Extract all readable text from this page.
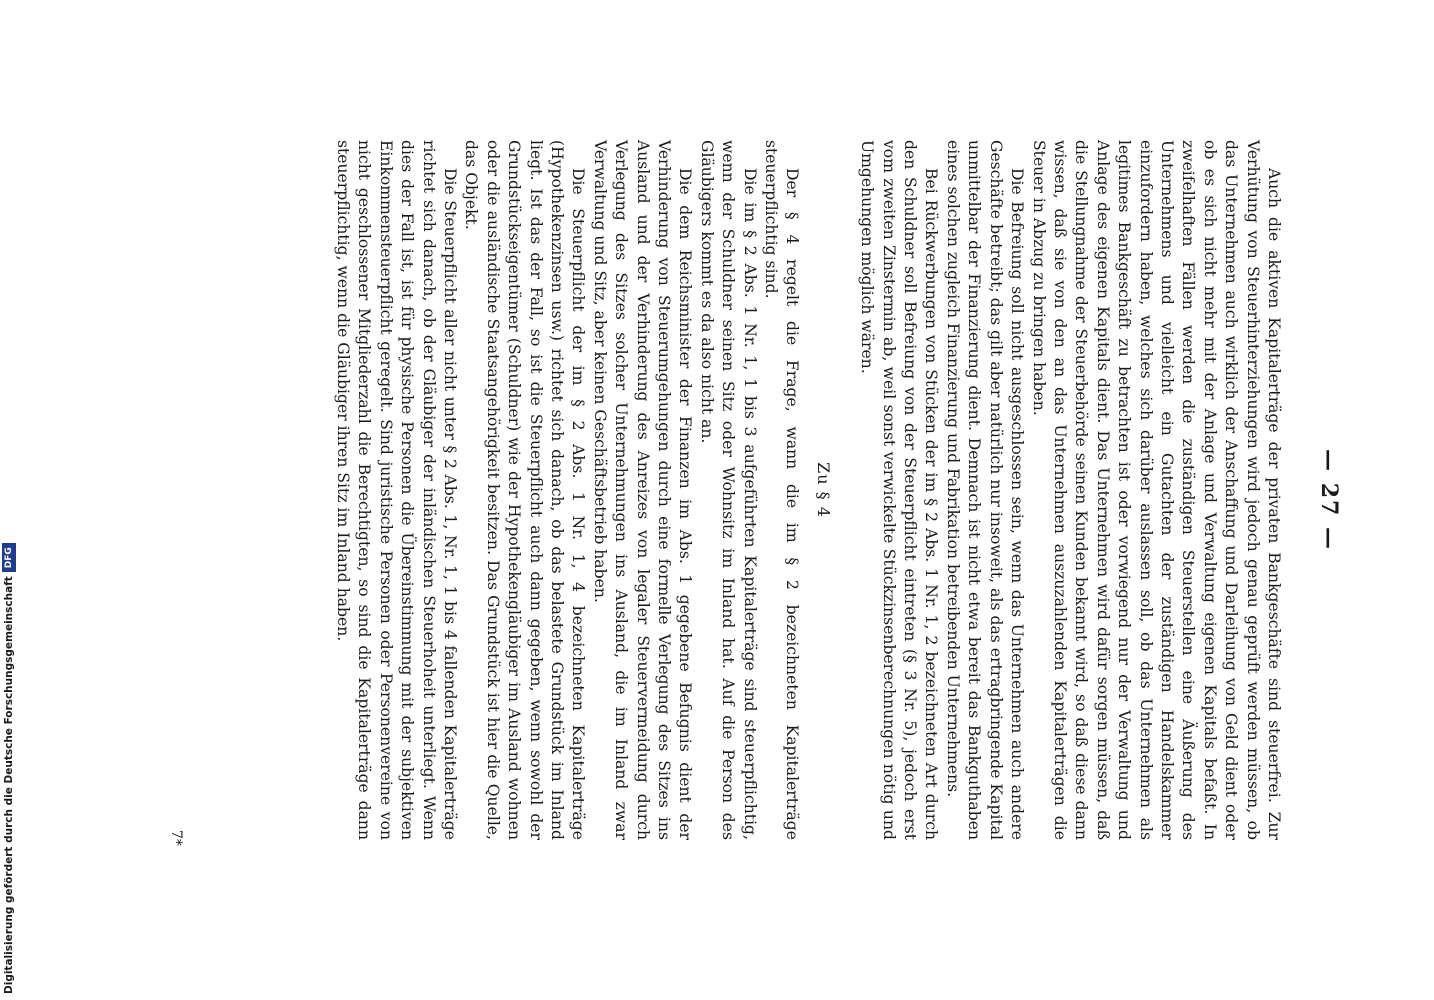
— 27 —

Auch die aktiven Kapitalerträge der privaten Bankgeschäfte sind steuerfrei. Zur Verhütung von Steuerhinterziehungen wird jedoch genau geprüft werden müssen, ob das Unternehmen auch wirklich der Anschaffung und Darleihung von Geld dient oder ob es sich nicht mehr mit der Anlage und Verwaltung eigenen Kapitals befaßt. In zweifelhaften Fällen werden die zuständigen Steuerstellen eine Äußerung des Unternehmens und vielleicht ein Gutachten der zuständigen Handelskammer einzufordern haben, welches sich darüber auslassen soll, ob das Unternehmen als legitimes Bankgeschäft zu betrachten ist oder vorwiegend nur der Verwaltung und Anlage des eigenen Kapitals dient. Das Unternehmen wird dafür sorgen müssen, daß die Stellungnahme der Steuerbehörde seinen Kunden bekannt wird, so daß diese dann wissen, daß sie von den an das Unternehmen auszuzahlenden Kapitalerträgen die Steuer in Abzug zu bringen haben.

Die Befreiung soll nicht ausgeschlossen sein, wenn das Unternehmen auch andere Geschäfte betreibt; das gilt aber natürlich nur insoweit, als das ertragbringende Kapital unmittelbar der Finanzierung dient. Demnach ist nicht etwa bereit das Bankguthaben eines solchen zugleich Finanzierung und Fabrikation betreibenden Unternehmens.

Bei Rückwerbungen von Stücken der im § 2 Abs. 1 Nr. 1, 2 bezeichneten Art durch den Schuldner soll Befreiung von der Steuerpflicht eintreten (§ 3 Nr. 5), jedoch erst vom zweiten Zinstermin ab, weil sonst verwickelte Stückzinsenberechnungen nötig und Umgehungen möglich wären.

Zu § 4

Der § 4 regelt die Frage, wann die im § 2 bezeichneten Kapitalerträge steuerpflichtig sind.

Die im § 2 Abs. 1 Nr. 1, 1 bis 3 aufgeführten Kapitalerträge sind steuerpflichtig, wenn der Schuldner seinen Sitz oder Wohnsitz im Inland hat. Auf die Person des Gläubigers kommt es da also nicht an.

Die dem Reichsminister der Finanzen im Abs. 1 gegebene Befugnis dient der Verhinderung von Steuerumgehungen durch eine formelle Verlegung des Sitzes ins Ausland und der Verhinderung des Anreizes von legaler Steuervermeidung durch Verlegung des Sitzes solcher Unternehmungen ins Ausland, die im Inland zwar Verwaltung und Sitz, aber keinen Geschäftsbetrieb haben.

Die Steuerpflicht der im § 2 Abs. 1 Nr. 1, 4 bezeichneten Kapitalerträge (Hypothekenzinsen usw.) richtet sich danach, ob das belastete Grundstück im Inland liegt. Ist das der Fall, so ist die Steuerpflicht auch dann gegeben, wenn sowohl der Grundstückseigentümer (Schuldner) wie der Hypothekengläubiger im Ausland wohnen oder die ausländische Staatsangehörigkeit besitzen. Das Grundstück ist hier die Quelle, das Objekt.

Die Steuerpflicht aller nicht unter § 2 Abs. 1, Nr. 1, 1 bis 4 fallenden Kapitalerträge richtet sich danach, ob der Gläubiger der inländischen Steuerhoheit unterliegt. Wenn dies der Fall ist, ist für physische Personen die Übereinstimmung mit der subjektiven Einkommensteuerpflicht geregelt. Sind juristische Personen oder Personenvereine von nicht geschlossener Mitgliederzahl die Berechtigten, so sind die Kapitalerträge dann steuerpflichtig, wenn die Gläubiger ihren Sitz im Inland haben.

7*
Digitalisierung gefördert durch die Deutsche Forschungsgemeinschaft
DFG
